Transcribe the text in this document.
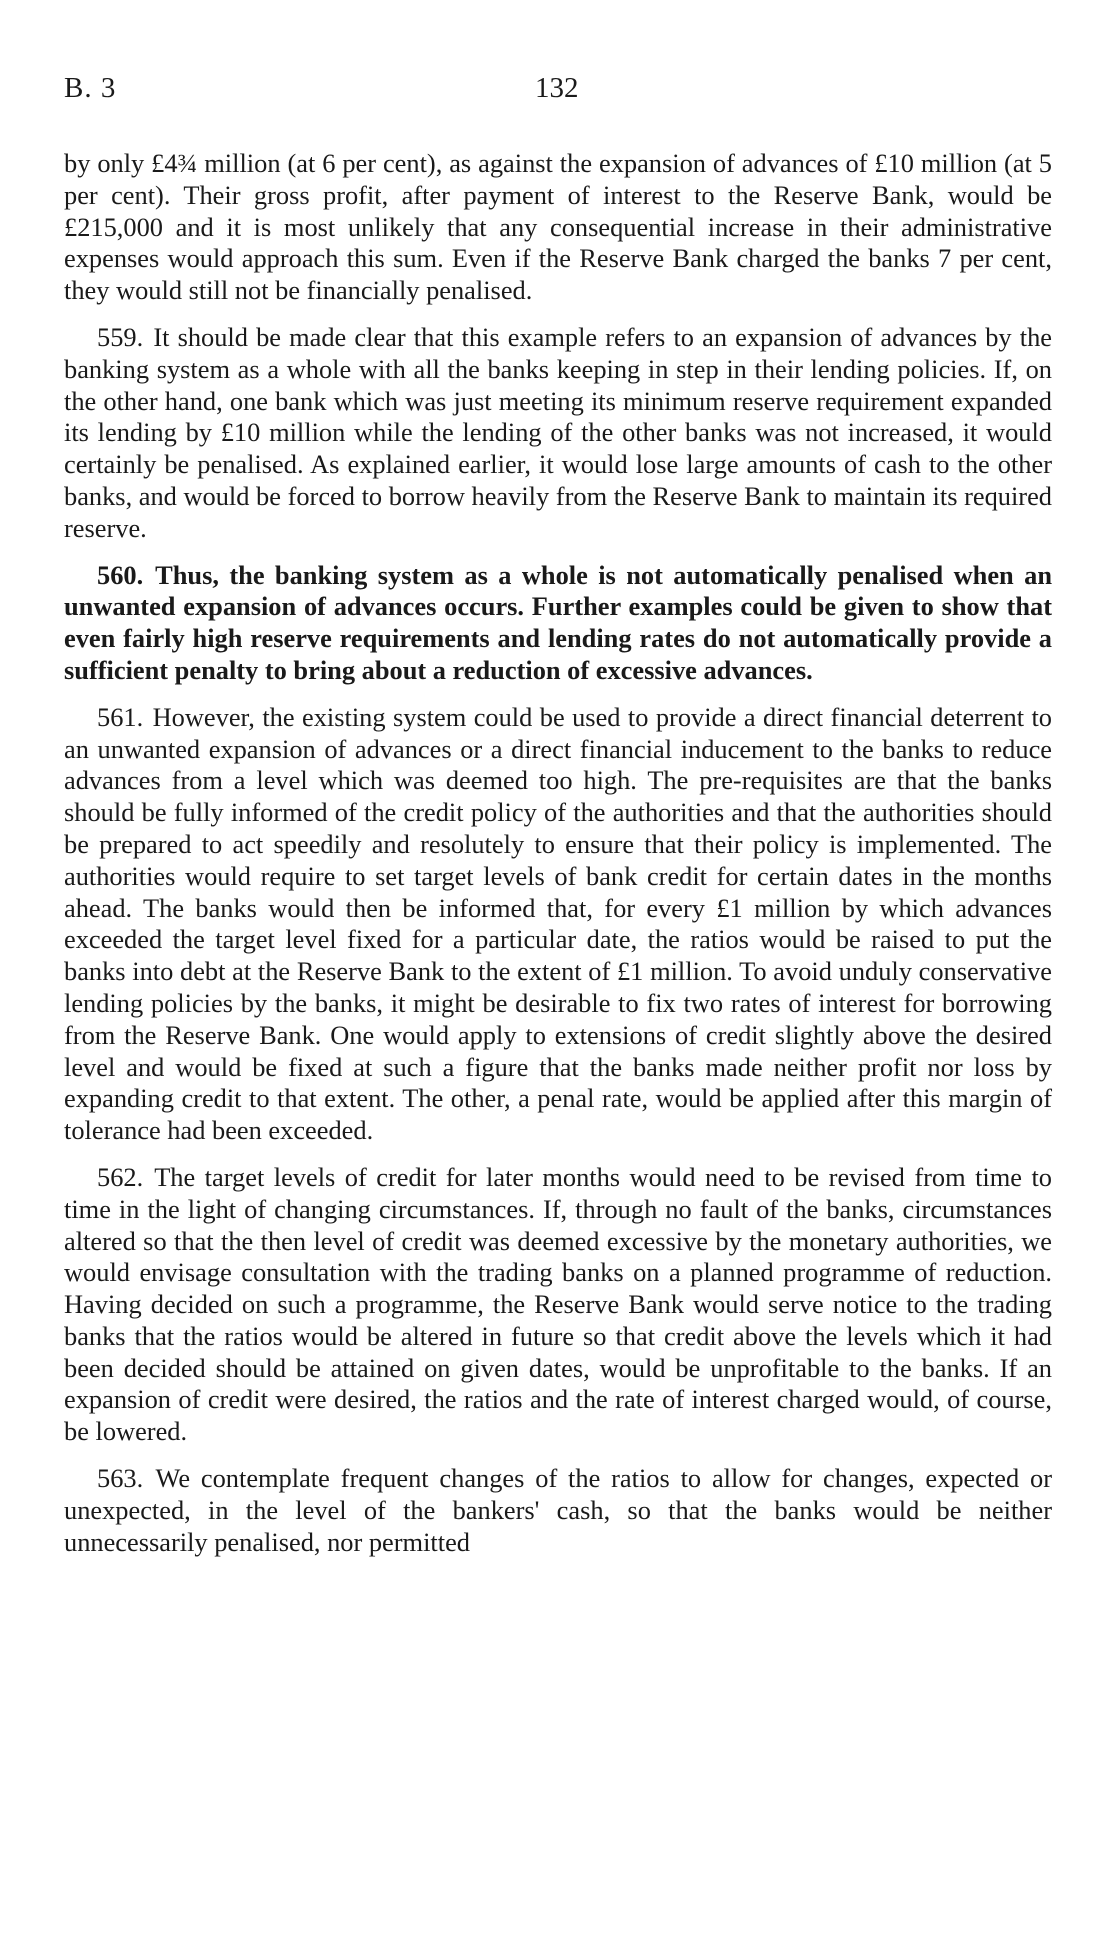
B. 3	132

by only £4¾ million (at 6 per cent), as against the expansion of advances of £10 million (at 5 per cent). Their gross profit, after payment of interest to the Reserve Bank, would be £215,000 and it is most unlikely that any consequential increase in their administrative expenses would approach this sum. Even if the Reserve Bank charged the banks 7 per cent, they would still not be financially penalised.

559. It should be made clear that this example refers to an expansion of advances by the banking system as a whole with all the banks keeping in step in their lending policies. If, on the other hand, one bank which was just meeting its minimum reserve requirement expanded its lending by £10 million while the lending of the other banks was not increased, it would certainly be penalised. As explained earlier, it would lose large amounts of cash to the other banks, and would be forced to borrow heavily from the Reserve Bank to maintain its required reserve.

560. Thus, the banking system as a whole is not automatically penalised when an unwanted expansion of advances occurs. Further examples could be given to show that even fairly high reserve requirements and lending rates do not automatically provide a sufficient penalty to bring about a reduction of excessive advances.

561. However, the existing system could be used to provide a direct financial deterrent to an unwanted expansion of advances or a direct financial inducement to the banks to reduce advances from a level which was deemed too high. The pre-requisites are that the banks should be fully informed of the credit policy of the authorities and that the authorities should be prepared to act speedily and resolutely to ensure that their policy is implemented. The authorities would require to set target levels of bank credit for certain dates in the months ahead. The banks would then be informed that, for every £1 million by which advances exceeded the target level fixed for a particular date, the ratios would be raised to put the banks into debt at the Reserve Bank to the extent of £1 million. To avoid unduly conservative lending policies by the banks, it might be desirable to fix two rates of interest for borrowing from the Reserve Bank. One would apply to extensions of credit slightly above the desired level and would be fixed at such a figure that the banks made neither profit nor loss by expanding credit to that extent. The other, a penal rate, would be applied after this margin of tolerance had been exceeded.

562. The target levels of credit for later months would need to be revised from time to time in the light of changing circumstances. If, through no fault of the banks, circumstances altered so that the then level of credit was deemed excessive by the monetary authorities, we would envisage consultation with the trading banks on a planned programme of reduction. Having decided on such a programme, the Reserve Bank would serve notice to the trading banks that the ratios would be altered in future so that credit above the levels which it had been decided should be attained on given dates, would be unprofitable to the banks. If an expansion of credit were desired, the ratios and the rate of interest charged would, of course, be lowered.

563. We contemplate frequent changes of the ratios to allow for changes, expected or unexpected, in the level of the bankers' cash, so that the banks would be neither unnecessarily penalised, nor permitted
